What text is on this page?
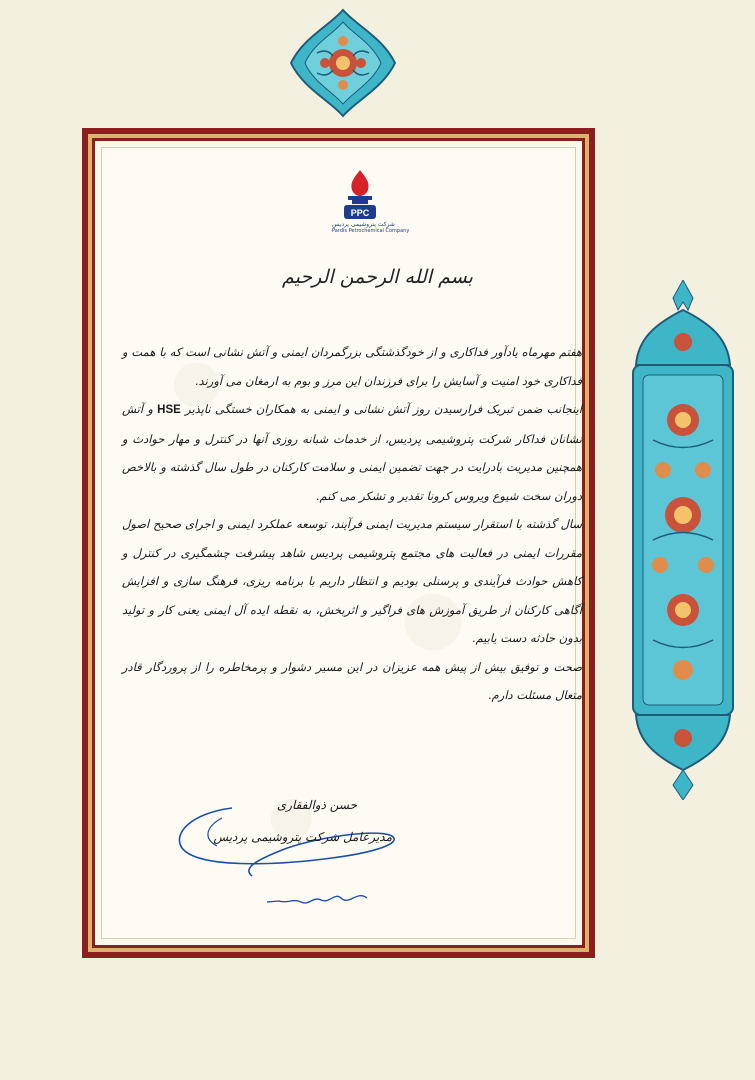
PPC
شرکت پتروشیمی پردیس
Pardis Petrochemical Company
بسم الله الرحمن الرحیم

هفتم مهرماه یادآور فداکاری و از خودگذشتگی بزرگمردان ایمنی و آتش نشانی است که با همت و فداکاری خود امنیت و آسایش را برای فرزندان این مرز و بوم به ارمغان می آورند.

اینجانب ضمن تبریک فرارسیدن روز آتش نشانی و ایمنی به همکاران خستگی ناپذیر HSE و آتش نشانان فداکار شرکت پتروشیمی پردیس، از خدمات شبانه روزی آنها در کنترل و مهار حوادث و همچنین مدیریت بادرایت در جهت تضمین ایمنی و سلامت کارکنان در طول سال گذشته و بالاخص دوران سخت شیوع ویروس کرونا تقدیر و تشکر می کنم.

سال گذشته با استقرار سیستم مدیریت ایمنی فرآیند، توسعه عملکرد ایمنی و اجرای صحیح اصول مقررات ایمنی در فعالیت های مجتمع پتروشیمی پردیس شاهد پیشرفت چشمگیری در کنترل و کاهش حوادث فرآیندی و پرسنلی بودیم و انتظار داریم با برنامه ریزی، فرهنگ سازی و افزایش آگاهی کارکنان از طریق آموزش های فراگیر و اثربخش، به نقطه ایده آل ایمنی یعنی کار و تولید بدون حادثه دست یابیم.

صحت و توفیق بیش از پیش همه عزیزان در این مسیر دشوار و پرمخاطره را از پروردگار قادر متعال مسئلت دارم.

حسن ذوالفقاری
مدیرعامل شرکت پتروشیمی پردیس
